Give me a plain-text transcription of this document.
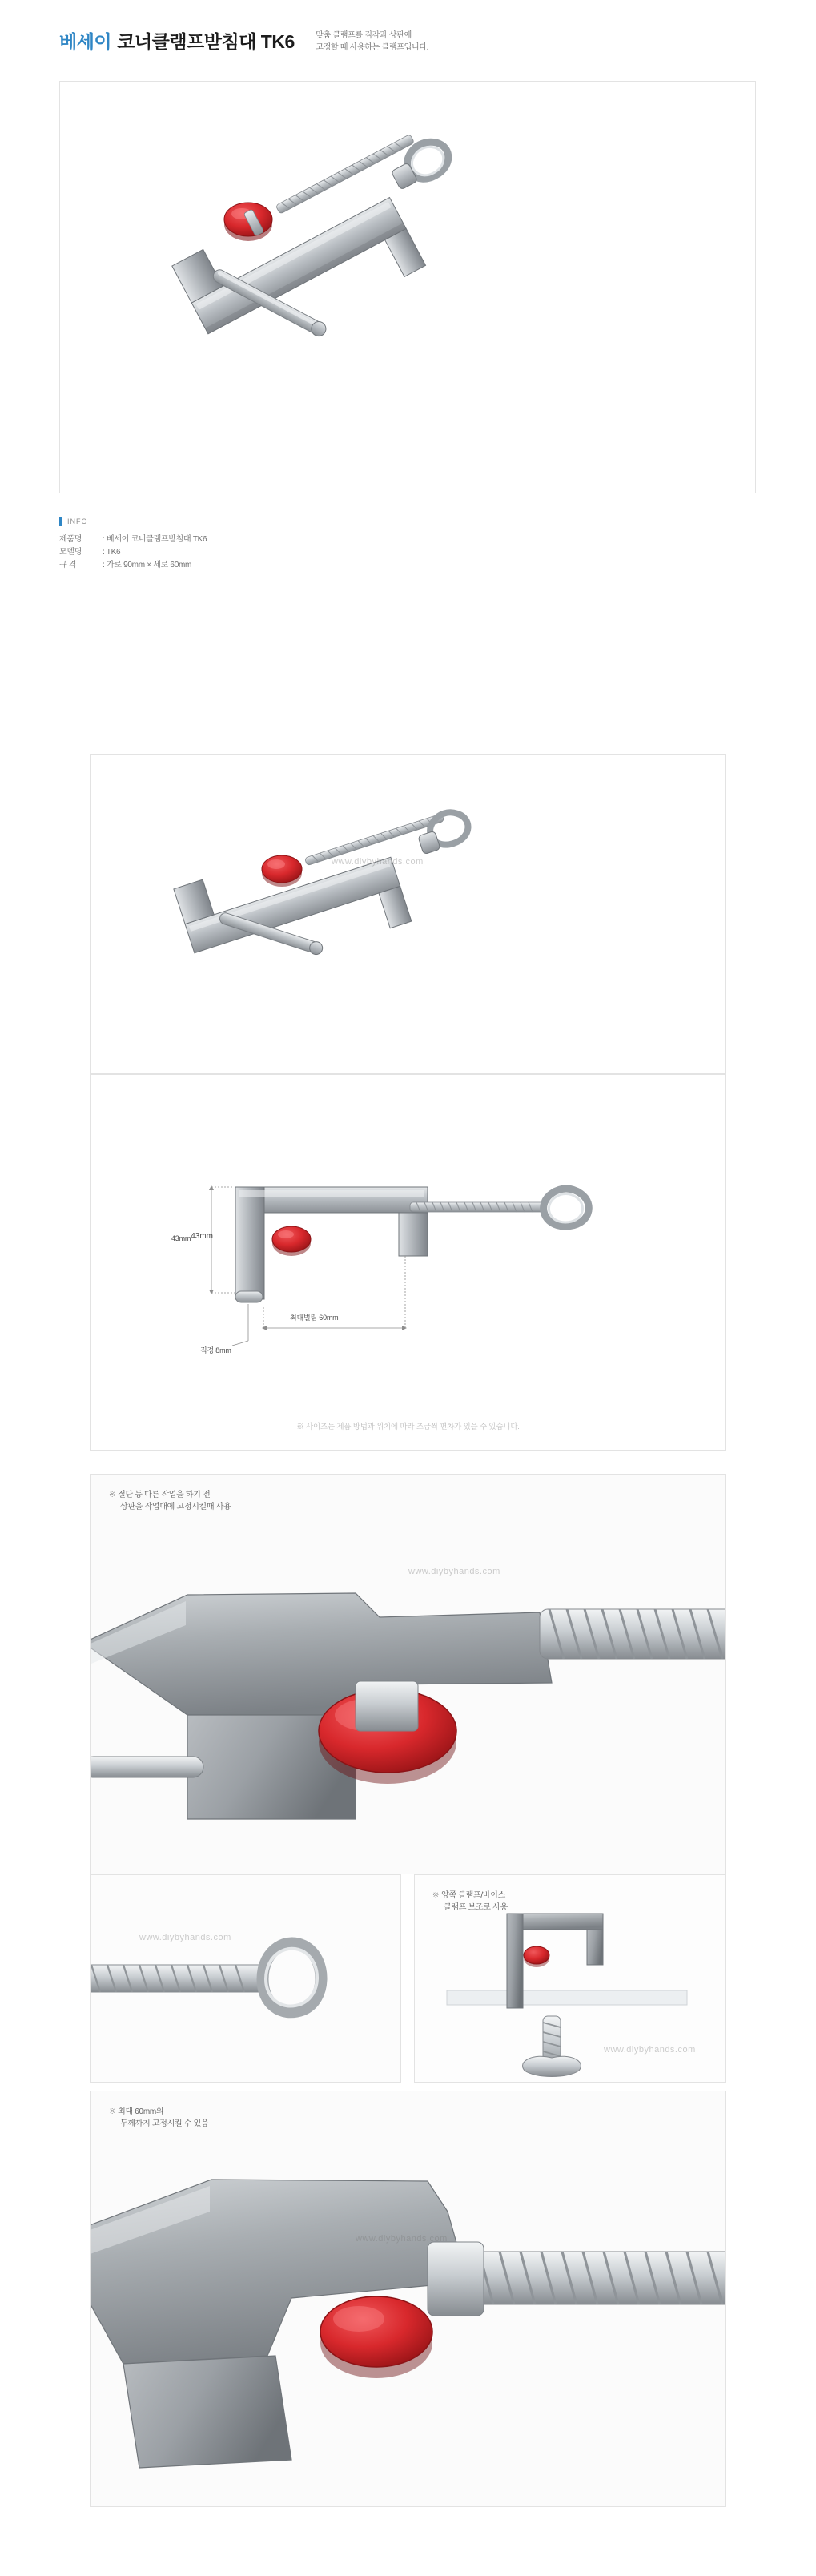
베세이 코너클램프받침대 TK6	맞춤 클램프를 직각과 상판에
고정할 때 사용하는 클램프입니다.
INFO
제품명	: 베세이 코너클램프받침대 TK6
모델명	: TK6
규 격	: 가로 90mm × 세로 60mm
www.diybyhands.com
43mm
43mm
최대벌림 60mm
직경 8mm
※ 사이즈는 제품 방법과 위치에 따라 조금씩 편차가 있을 수 있습니다.
※ 절단 등 다른 작업을 하기 전
상판을 작업대에 고정시킬때 사용
www.diybyhands.com
www.diybyhands.com
※ 양쪽 클램프/바이스
클램프 보조로 사용
www.diybyhands.com
※ 최대 60mm의
두께까지 고정시킬 수 있음
www.diybyhands.com
